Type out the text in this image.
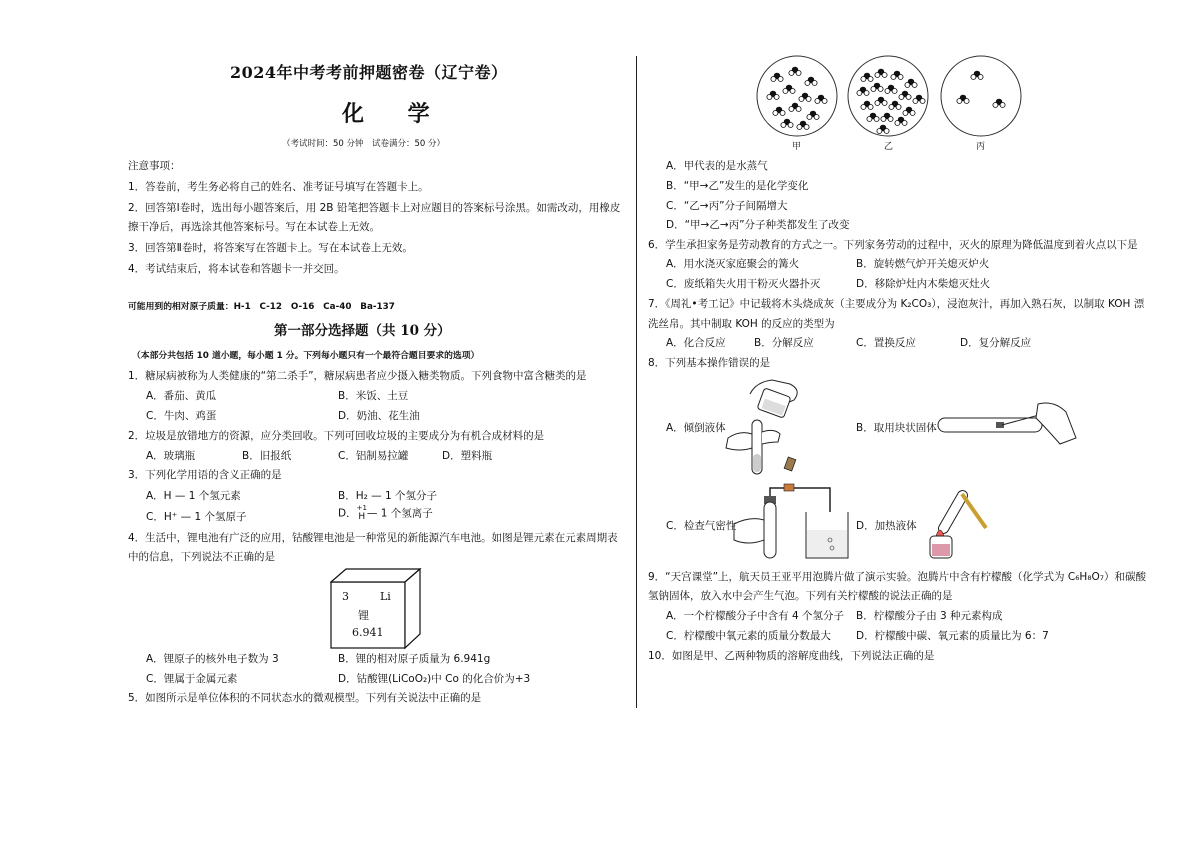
2024年中考考前押题密卷（辽宁卷）
化 学
（考试时间：50 分钟　试卷满分：50 分）
注意事项：
1．答卷前，考生务必将自己的姓名、准考证号填写在答题卡上。
2．回答第Ⅰ卷时，选出每小题答案后，用 2B 铅笔把答题卡上对应题目的答案标号涂黑。如需改动，用橡皮
擦干净后，再选涂其他答案标号。写在本试卷上无效。
3．回答第Ⅱ卷时，将答案写在答题卡上。写在本试卷上无效。
4．考试结束后，将本试卷和答题卡一并交回。
可能用到的相对原子质量：H-1　C-12　O-16　Ca-40　Ba-137
第一部分选择题（共 10 分）
（本部分共包括 10 道小题，每小题 1 分。下列每小题只有一个最符合题目要求的选项）
1．糖尿病被称为人类健康的“第二杀手”，糖尿病患者应少摄入糖类物质。下列食物中富含糖类的是
A．番茄、黄瓜	B．米饭、土豆
C．牛肉、鸡蛋	D．奶油、花生油
2．垃圾是放错地方的资源，应分类回收。下列可回收垃圾的主要成分为有机合成材料的是
A．玻璃瓶	B．旧报纸	C．铝制易拉罐	D．塑料瓶
3．下列化学用语的含义正确的是
A．H — 1 个氢元素	B．H₂ — 1 个氢分子
C．H⁺ — 1 个氢原子	D． +1
H — 1 个氢离子
4．生活中，锂电池有广泛的应用，钴酸锂电池是一种常见的新能源汽车电池。如图是锂元素在元素周期表
中的信息，下列说法不正确的是
3	Li
锂
6.941
A．锂原子的核外电子数为 3	B．锂的相对原子质量为 6.941g
C．锂属于金属元素	D．钴酸锂(LiCoO₂)中 Co 的化合价为+3
5．如图所示是单位体积的不同状态水的微观模型。下列有关说法中正确的是
甲	乙	丙
A．甲代表的是水蒸气
B．“甲→乙”发生的是化学变化
C．“乙→丙”分子间隔增大
D．“甲→乙→丙”分子种类都发生了改变
6．学生承担家务是劳动教育的方式之一。下列家务劳动的过程中，灭火的原理为降低温度到着火点以下是
A．用水浇灭家庭聚会的篝火	B．旋转燃气炉开关熄灭炉火
C．废纸箱失火用干粉灭火器扑灭	D．移除炉灶内木柴熄灭灶火
7．《周礼•考工记》中记载将木头烧成灰（主要成分为 K₂CO₃），浸泡灰汁，再加入熟石灰，以制取 KOH 漂
洗丝帛。其中制取 KOH 的反应的类型为
A．化合反应	B．分解反应	C．置换反应	D．复分解反应
8．下列基本操作错误的是
A．倾倒液体	B．取用块状固体
C．检查气密性	D．加热液体
9．“天宫课堂”上，航天员王亚平用泡腾片做了演示实验。泡腾片中含有柠檬酸（化学式为 C₆H₈O₇）和碳酸
氢钠固体，放入水中会产生气泡。下列有关柠檬酸的说法正确的是
A．一个柠檬酸分子中含有 4 个氢分子 B．柠檬酸分子由 3 种元素构成
C．柠檬酸中氧元素的质量分数最大 D．柠檬酸中碳、氧元素的质量比为 6：7
10．如图是甲、乙两种物质的溶解度曲线，下列说法正确的是
